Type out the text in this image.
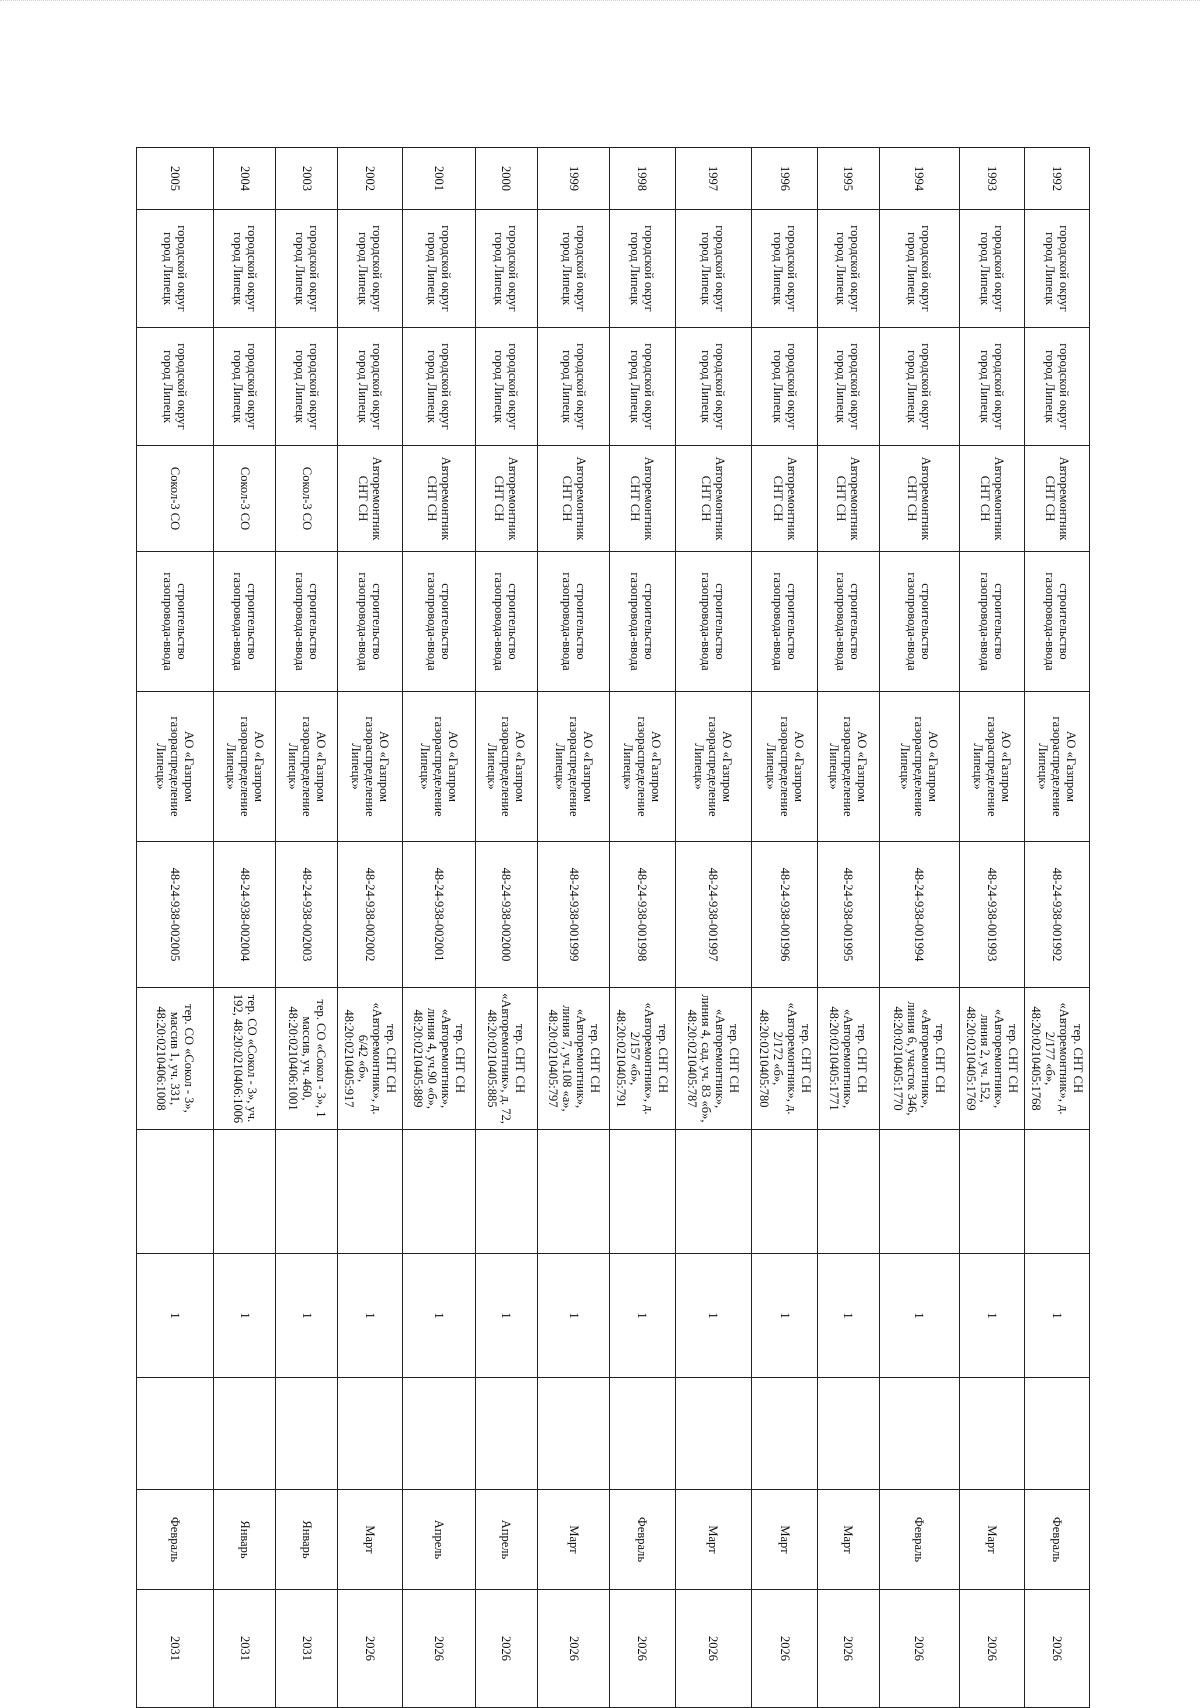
1992	городской округ город Липецк	городской округ город Липецк	Авторемонтник СНТ СН	строительство газопровода-ввода	АО «Газпром газораспределение Липецк»	48-24-938-001992	тер. СНТ СН «Авторемонтник», д. 2/177 «б», 48:20:0210405:1768		1		Февраль	2026
1993	городской округ город Липецк	городской округ город Липецк	Авторемонтник СНТ СН	строительство газопровода-ввода	АО «Газпром газораспределение Липецк»	48-24-938-001993	тер. СНТ СН «Авторемонтник», линия 2, уч. 152, 48:20:0210405:1769		1		Март	2026
1994	городской округ город Липецк	городской округ город Липецк	Авторемонтник СНТ СН	строительство газопровода-ввода	АО «Газпром газораспределение Липецк»	48-24-938-001994	тер. СНТ СН «Авторемонтник», линия 6, участок 346, 48:20:0210405:1770		1		Февраль	2026
1995	городской округ город Липецк	городской округ город Липецк	Авторемонтник СНТ СН	строительство газопровода-ввода	АО «Газпром газораспределение Липецк»	48-24-938-001995	тер. СНТ СН «Авторемонтник», 48:20:0210405:1771		1		Март	2026
1996	городской округ город Липецк	городской округ город Липецк	Авторемонтник СНТ СН	строительство газопровода-ввода	АО «Газпром газораспределение Липецк»	48-24-938-001996	тер. СНТ СН «Авторемонтник», д. 2/172 «б», 48:20:0210405:780		1		Март	2026
1997	городской округ город Липецк	городской округ город Липецк	Авторемонтник СНТ СН	строительство газопровода-ввода	АО «Газпром газораспределение Липецк»	48-24-938-001997	тер. СНТ СН «Авторемонтник», линия 4, сад. уч. 83 «б», 48:20:0210405:787		1		Март	2026
1998	городской округ город Липецк	городской округ город Липецк	Авторемонтник СНТ СН	строительство газопровода-ввода	АО «Газпром газораспределение Липецк»	48-24-938-001998	тер. СНТ СН «Авторемонтник», д. 2/157 «б», 48:20:0210405:791		1		Февраль	2026
1999	городской округ город Липецк	городской округ город Липецк	Авторемонтник СНТ СН	строительство газопровода-ввода	АО «Газпром газораспределение Липецк»	48-24-938-001999	тер. СНТ СН «Авторемонтник», линия 7, уч.108 «а», 48:20:0210405:797		1		Март	2026
2000	городской округ город Липецк	городской округ город Липецк	Авторемонтник СНТ СН	строительство газопровода-ввода	АО «Газпром газораспределение Липецк»	48-24-938-002000	тер. СНТ СН «Авторемонтник», д. 72, 48:20:0210405:885		1		Апрель	2026
2001	городской округ город Липецк	городской округ город Липецк	Авторемонтник СНТ СН	строительство газопровода-ввода	АО «Газпром газораспределение Липецк»	48-24-938-002001	тер. СНТ СН «Авторемонтник», линия 4, уч.90 «б», 48:20:0210405:889		1		Апрель	2026
2002	городской округ город Липецк	городской округ город Липецк	Авторемонтник СНТ СН	строительство газопровода-ввода	АО «Газпром газораспределение Липецк»	48-24-938-002002	тер. СНТ СН «Авторемонтник», д. 6/42 «б», 48:20:0210405:917		1		Март	2026
2003	городской округ город Липецк	городской округ город Липецк	Сокол-3 СО	строительство газопровода-ввода	АО «Газпром газораспределение Липецк»	48-24-938-002003	тер. СО «Сокол - 3», 1 массив, уч. 460, 48:20:0210406:1001		1		Январь	2031
2004	городской округ город Липецк	городской округ город Липецк	Сокол-3 СО	строительство газопровода-ввода	АО «Газпром газораспределение Липецк»	48-24-938-002004	тер. СО «Сокол - 3», уч. 192, 48:20:0210406:1006		1		Январь	2031
2005	городской округ город Липецк	городской округ город Липецк	Сокол-3 СО	строительство газопровода-ввода	АО «Газпром газораспределение Липецк»	48-24-938-002005	тер. СО «Сокол - 3», массив 1, уч. 331, 48:20:0210406:1008		1		Февраль	2031
